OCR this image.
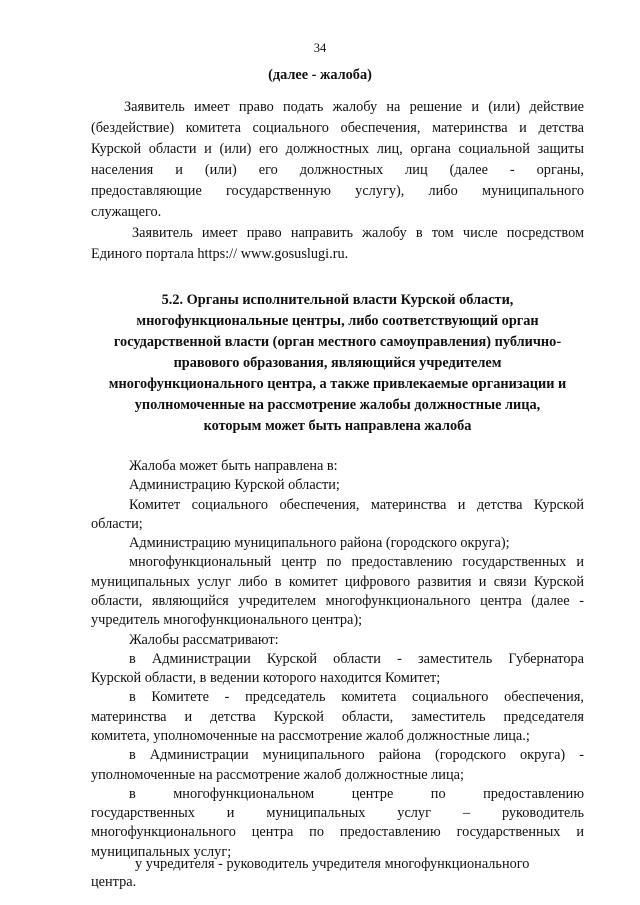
34
(далее - жалоба)
Заявитель имеет право подать жалобу на решение и (или) действие
(бездействие) комитета социального обеспечения, материнства и детства
Курской области и (или) его должностных лиц, органа социальной защиты
населения и (или) его должностных лиц (далее - органы,
предоставляющие государственную услугу), либо муниципального
служащего.
Заявитель имеет право направить жалобу в том числе посредством
Единого портала https:// www.gosuslugi.ru.
5.2. Органы исполнительной власти Курской области,
многофункциональные центры, либо соответствующий орган
государственной власти (орган местного самоуправления) публично-
правового образования, являющийся учредителем
многофункционального центра, а также привлекаемые организации и
уполномоченные на рассмотрение жалобы должностные лица,
которым может быть направлена жалоба
Жалоба может быть направлена в:
Администрацию Курской области;
Комитет социального обеспечения, материнства и детства Курской
области;
Администрацию муниципального района (городского округа);
многофункциональный центр по предоставлению государственных и
муниципальных услуг либо в комитет цифрового развития и связи Курской
области, являющийся учредителем многофункционального центра (далее -
учредитель многофункционального центра);
Жалобы рассматривают:
в Администрации Курской области - заместитель Губернатора
Курской области, в ведении которого находится Комитет;
в Комитете - председатель комитета социального обеспечения,
материнства и детства Курской области, заместитель председателя
комитета, уполномоченные на рассмотрение жалоб должностные лица.;
в Администрации муниципального района (городского округа) -
уполномоченные на рассмотрение жалоб должностные лица;
в многофункциональном центре по предоставлению
государственных и муниципальных услуг – руководитель
многофункционального центра по предоставлению государственных и
муниципальных услуг;
у учредителя - руководитель учредителя многофункционального
центра.
